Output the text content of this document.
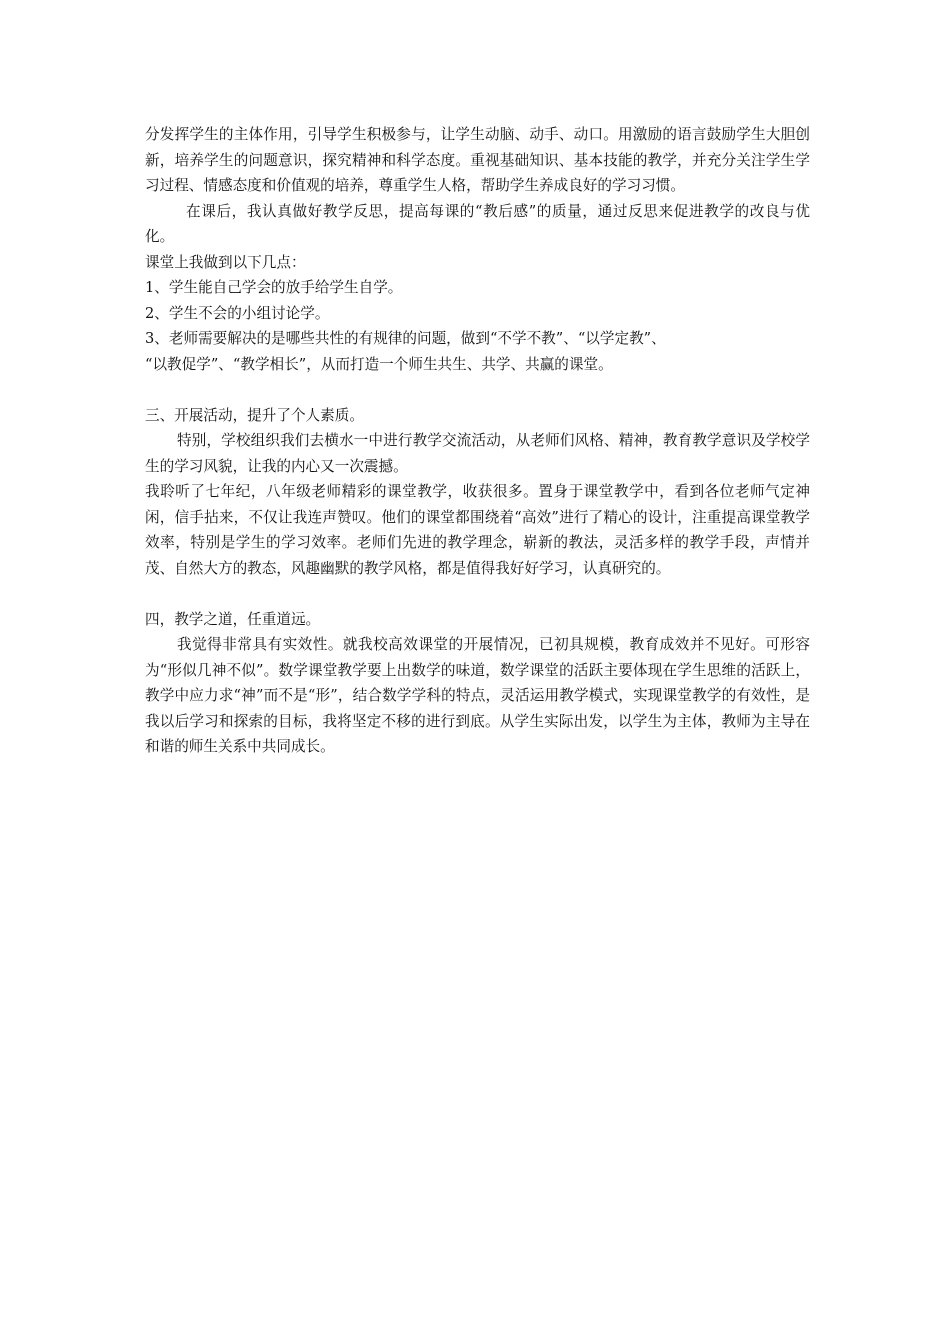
分发挥学生的主体作用，引导学生积极参与，让学生动脑、动手、动口。用激励的语言鼓励学生大胆创新，培养学生的问题意识，探究精神和科学态度。重视基础知识、基本技能的教学，并充分关注学生学习过程、情感态度和价值观的培养，尊重学生人格，帮助学生养成良好的学习习惯。

在课后，我认真做好教学反思，提高每课的“教后感”的质量，通过反思来促进教学的改良与优化。

课堂上我做到以下几点：

1、学生能自己学会的放手给学生自学。

2、学生不会的小组讨论学。

3、老师需要解决的是哪些共性的有规律的问题，做到“不学不教”、“以学定教”、

“以教促学”、“教学相长”，从而打造一个师生共生、共学、共赢的课堂。

三、开展活动，提升了个人素质。

特别，学校组织我们去横水一中进行教学交流活动，从老师们风格、精神，教育教学意识及学校学生的学习风貌，让我的内心又一次震撼。

我聆听了七年纪，八年级老师精彩的课堂教学，收获很多。置身于课堂教学中，看到各位老师气定神闲，信手拈来，不仅让我连声赞叹。他们的课堂都围绕着“高效”进行了精心的设计，注重提高课堂教学效率，特别是学生的学习效率。老师们先进的教学理念，崭新的教法，灵活多样的教学手段，声情并茂、自然大方的教态，风趣幽默的教学风格，都是值得我好好学习，认真研究的。

四，教学之道，任重道远。

我觉得非常具有实效性。就我校高效课堂的开展情况，已初具规模，教育成效并不见好。可形容为“形似几神不似”。数学课堂教学要上出数学的味道，数学课堂的活跃主要体现在学生思维的活跃上，教学中应力求“神”而不是“形”，结合数学学科的特点，灵活运用教学模式，实现课堂教学的有效性，是我以后学习和探索的目标，我将坚定不移的进行到底。从学生实际出发，以学生为主体，教师为主导在和谐的师生关系中共同成长。
